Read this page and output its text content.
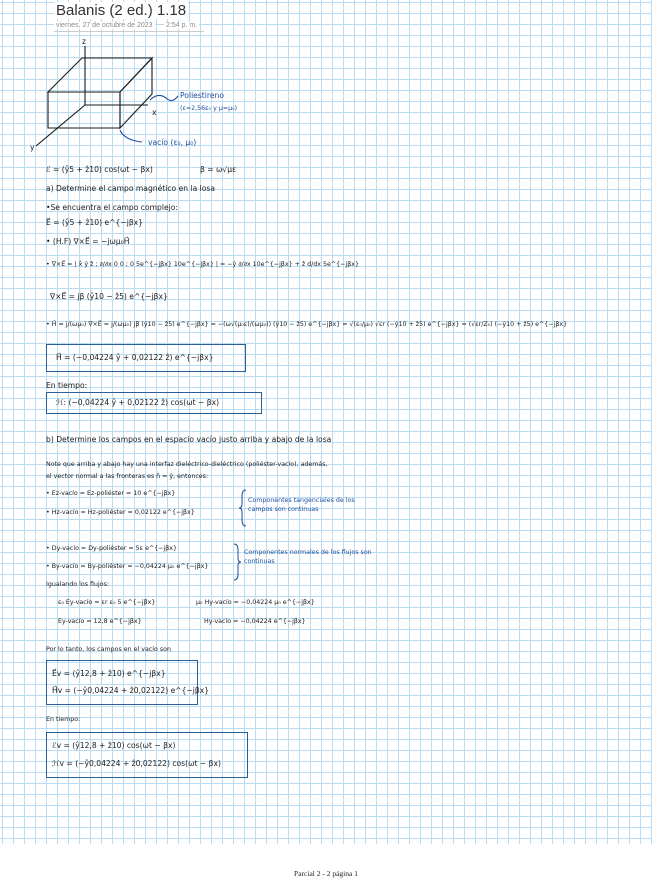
Balanis (2 ed.) 1.18
viernes, 27 de octubre de 2023 2:54 p. m.
z
x
y
Poliestireno
(ε=2,56ε₀ y μ=μ₀)
vacío (ε₀, μ₀)
ℰ = (ŷ5 + ẑ10) cos(ωt − βx)	β = ω√με
a) Determine el campo magnético en la losa
•Se encuentra el campo complejo:
E⃗ = (ŷ5 + ẑ10) e^{−jβx}
• (H.F) ∇×E⃗ = −jωμ₀H⃗
• ∇×E⃗ = | x̂ ŷ ẑ ; ∂/∂x 0 0 ; 0 5e^{−jβx} 10e^{−jβx} | = −ŷ ∂/∂x 10e^{−jβx} + ẑ d/dx 5e^{−jβx}
∇×E⃗ = jβ (ŷ10 − ẑ5) e^{−jβx}
• H⃗ = j/(ωμ₀) ∇×E⃗ = j/(ωμ₀) jβ (ŷ10 − ẑ5) e^{−jβx} = −(ω√(μ₀ε)/(ωμ₀)) (ŷ10 − ẑ5) e^{−jβx} = √(ε₀/μ₀) √εr (−ŷ10 + ẑ5) e^{−jβx} = (√εr/Z₀) (−ŷ10 + ẑ5) e^{−jβx}
H⃗ = (−0,04224 ŷ + 0,02122 ẑ) e^{−jβx}
En tiempo:
ℋ: (−0,04224 ŷ + 0,02122 ẑ) cos(ωt − βx)
b) Determine los campos en el espacio vacío justo arriba y abajo de la losa
Note que arriba y abajo hay una interfaz dieléctrico-dieléctrico (poliéster-vacío), además,
el vector normal a las fronteras es n̂ = ŷ, entonces:
• Ez-vacío = Ez-poliéster = 10 e^{−jβx}
• Hz-vacío = Hz-poliéster = 0,02122 e^{−jβx}
Componentes tangenciales de los campos son continuas
• Dy-vacío = Dy-poliéster = 5ε e^{−jβx}
• By-vacío = By-poliéster = −0,04224 μ₀ e^{−jβx}
Componentes normales de los flujos son continuas
Igualando los flujos:
ε₀ Ey-vacío = εr ε₀ 5 e^{−jβx}	μ₀ Hy-vacío = −0,04224 μ₀ e^{−jβx}
Ey-vacío = 12,8 e^{−jβx}	Hy-vacío = −0,04224 e^{−jβx}
Por lo tanto, los campos en el vacío son
E⃗v = (ŷ12,8 + ẑ10) e^{−jβx}
H⃗v = (−ŷ0,04224 + ẑ0,02122) e^{−jβx}
En tiempo:
ℰv = (ŷ12,8 + ẑ10) cos(ωt − βx)
ℋv = (−ŷ0,04224 + ẑ0,02122) cos(ωt − βx)
Parcial 2 - 2 página 1
